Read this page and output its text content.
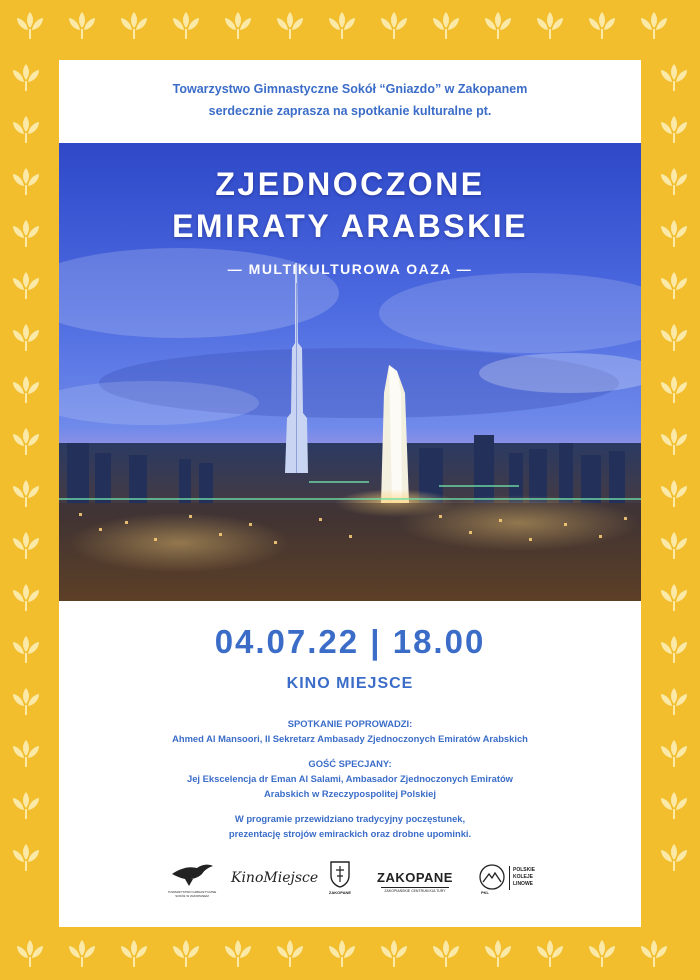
Towarzystwo Gimnastyczne Sokół “Gniazdo” w Zakopanem
serdecznie zaprasza na spotkanie kulturalne pt.
ZJEDNOCZONE
EMIRATY ARABSKIE
— MULTIKULTUROWA OAZA —
04.07.22 | 18.00
KINO MIEJSCE
SPOTKANIE POPROWADZI:
Ahmed Al Mansoori, II Sekretarz Ambasady Zjednoczonych Emiratów Arabskich
GOŚĆ SPECJANY:
Jej Ekscelencja dr Eman Al Salami, Ambasador Zjednoczonych Emiratów
Arabskich w Rzeczypospolitej Polskiej
W programie przewidziano tradycyjny poczęstunek,
prezentację strojów emirackich oraz drobne upominki.
TOWARZYSTWO GIMNASTYCZNE SOKÓŁ W ZAKOPANEM
KinoMiejsce
ZAKOPANE
ZAKOPANE
ZAKOPIAŃSKIE CENTRUM KULTURY	PKL
POLSKIE
KOLEJE
LINOWE
